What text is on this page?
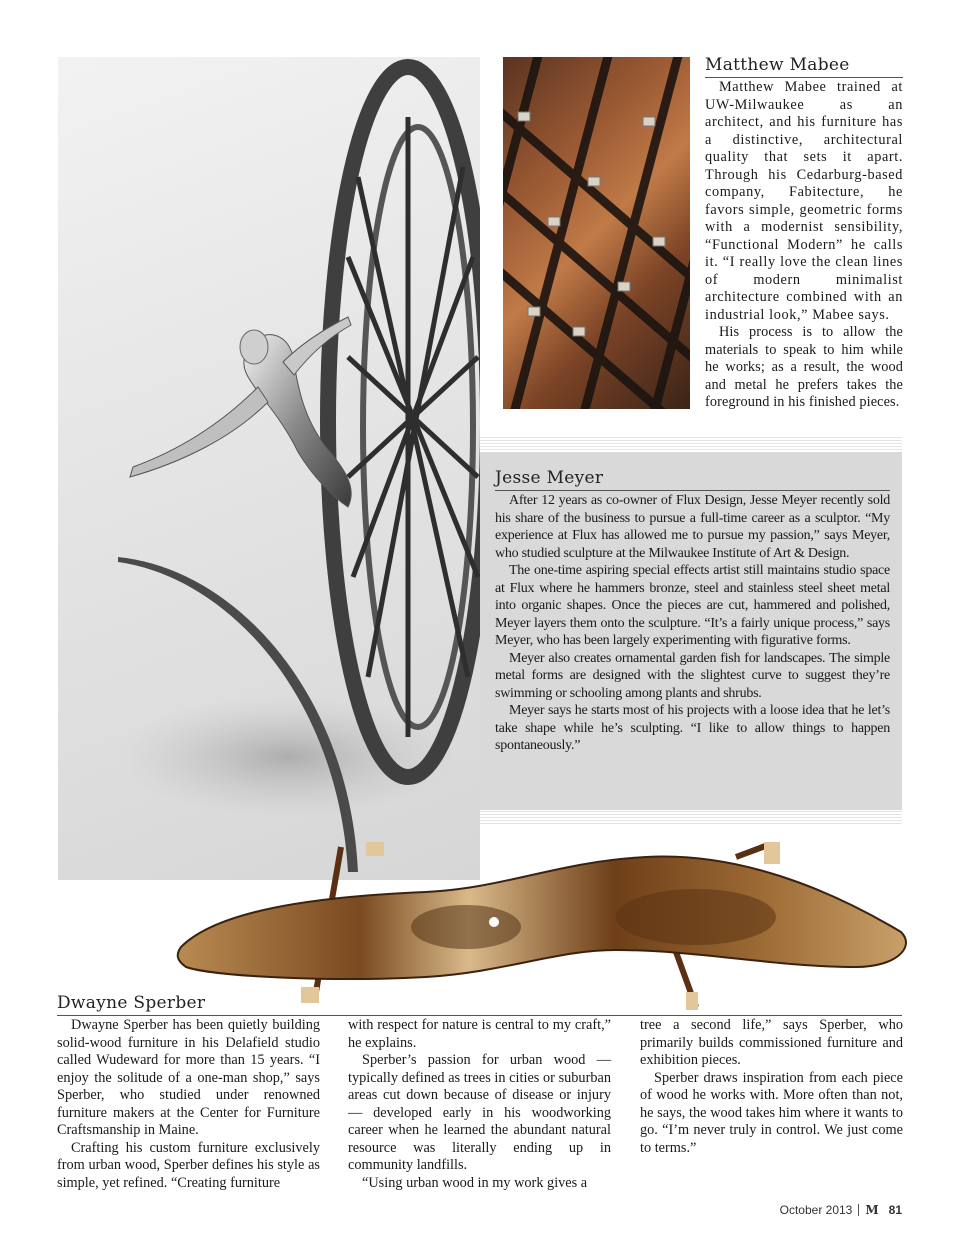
Matthew Mabee

Matthew Mabee trained at UW-Milwaukee as an architect, and his furniture has a distinctive, architectural quality that sets it apart. Through his Cedarburg-based company, Fabitecture, he favors simple, geometric forms with a modernist sensibility, “Functional Modern” he calls it. “I really love the clean lines of modern minimalist architecture combined with an industrial look,” Mabee says.

His process is to allow the materials to speak to him while he works; as a result, the wood and metal he prefers takes the foreground in his finished pieces.

Jesse Meyer

After 12 years as co-owner of Flux Design, Jesse Meyer recently sold his share of the business to pursue a full-time career as a sculptor. “My experience at Flux has allowed me to pursue my passion,” says Meyer, who studied sculpture at the Milwaukee Institute of Art & Design.

The one-time aspiring special effects artist still maintains studio space at Flux where he hammers bronze, steel and stainless steel sheet metal into organic shapes. Once the pieces are cut, hammered and polished, Meyer layers them onto the sculpture. “It’s a fairly unique process,” says Meyer, who has been largely experimenting with figurative forms.

Meyer also creates ornamental garden fish for landscapes. The simple metal forms are designed with the slightest curve to suggest they’re swimming or schooling among plants and shrubs.

Meyer says he starts most of his projects with a loose idea that he let’s take shape while he’s sculpting. “I like to allow things to happen spontaneously.”

Dwayne Sperber

Dwayne Sperber has been quietly building solid-wood furniture in his Delafield studio called Wudeward for more than 15 years. “I enjoy the solitude of a one-man shop,” says Sperber, who studied under renowned furniture makers at the Center for Furniture Craftsmanship in Maine.

Crafting his custom furniture exclusively from urban wood, Sperber defines his style as simple, yet refined. “Creating furniture

with respect for nature is central to my craft,” he explains.

Sperber’s passion for urban wood — typically defined as trees in cities or suburban areas cut down because of disease or injury — developed early in his woodworking career when he learned the abundant natural resource was literally ending up in community landfills.

“Using urban wood in my work gives a

tree a second life,” says Sperber, who primarily builds commissioned furniture and exhibition pieces.

Sperber draws inspiration from each piece of wood he works with. More often than not, he says, the wood takes him where it wants to go. “I’m never truly in control. We just come to terms.”

October 2013 M 81
